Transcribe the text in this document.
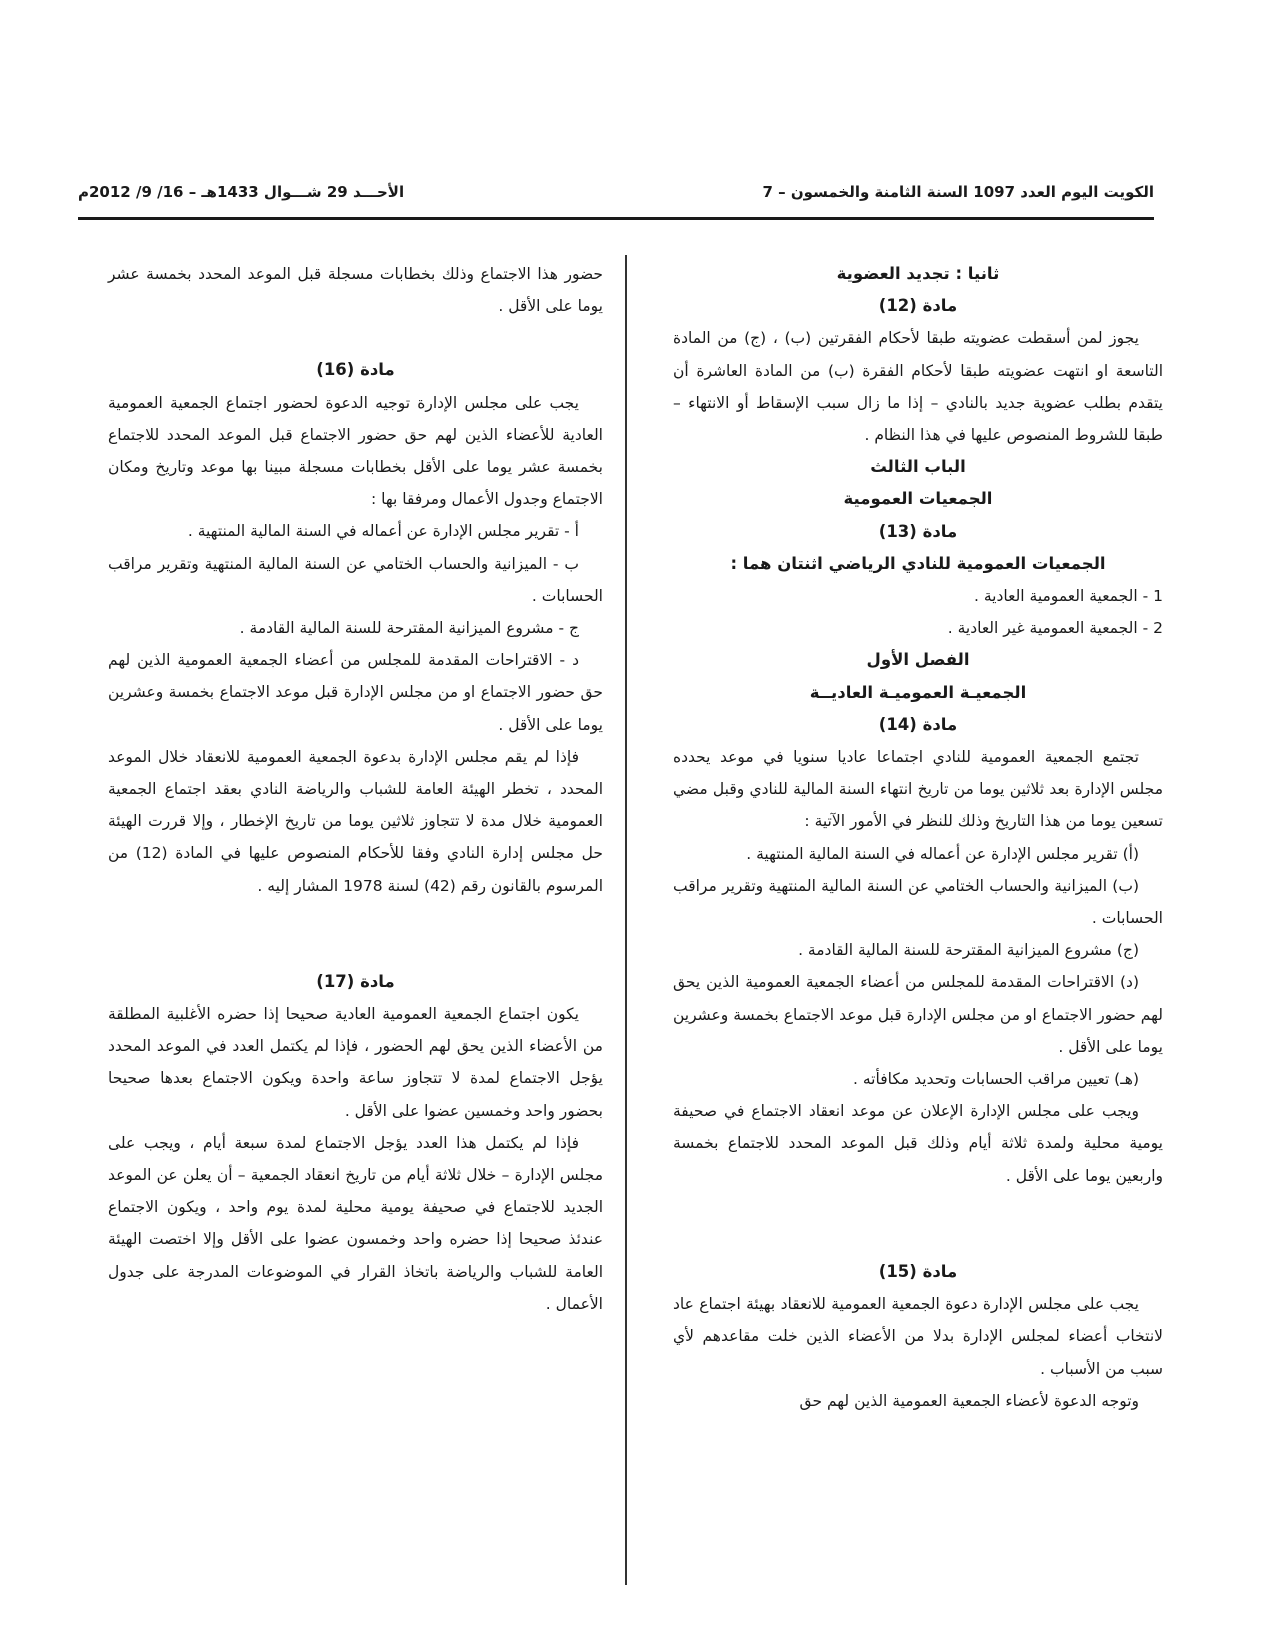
الكويت اليوم العدد 1097 السنة الثامنة والخمسون – 7
الأحـــد 29 شـــوال 1433هـ – 16/ 9/ 2012م

ثانيا : تجديد العضوية

مادة (12)

يجوز لمن أسقطت عضويته طبقا لأحكام الفقرتين (ب) ، (ج) من المادة التاسعة او انتهت عضويته طبقا لأحكام الفقرة (ب) من المادة العاشرة أن يتقدم بطلب عضوية جديد بالنادي – إذا ما زال سبب الإسقاط أو الانتهاء – طبقا للشروط المنصوص عليها في هذا النظام .

الباب الثالث

الجمعيات العمومية

مادة (13)

الجمعيات العمومية للنادي الرياضي اثنتان هما :

1 - الجمعية العمومية العادية .

2 - الجمعية العمومية غير العادية .

الفصل الأول

الجمعيـة العموميـة العاديــة

مادة (14)

تجتمع الجمعية العمومية للنادي اجتماعا عاديا سنويا في موعد يحدده مجلس الإدارة بعد ثلاثين يوما من تاريخ انتهاء السنة المالية للنادي وقبل مضي تسعين يوما من هذا التاريخ وذلك للنظر في الأمور الآتية :

(أ) تقرير مجلس الإدارة عن أعماله في السنة المالية المنتهية .

(ب) الميزانية والحساب الختامي عن السنة المالية المنتهية وتقرير مراقب الحسابات .

(ج) مشروع الميزانية المقترحة للسنة المالية القادمة .

(د) الاقتراحات المقدمة للمجلس من أعضاء الجمعية العمومية الذين يحق لهم حضور الاجتماع او من مجلس الإدارة قبل موعد الاجتماع بخمسة وعشرين يوما على الأقل .

(هـ) تعيين مراقب الحسابات وتحديد مكافأته .

ويجب على مجلس الإدارة الإعلان عن موعد انعقاد الاجتماع في صحيفة يومية محلية ولمدة ثلاثة أيام وذلك قبل الموعد المحدد للاجتماع بخمسة واربعين يوما على الأقل .

مادة (15)

يجب على مجلس الإدارة دعوة الجمعية العمومية للانعقاد بهيئة اجتماع عاد لانتخاب أعضاء لمجلس الإدارة بدلا من الأعضاء الذين خلت مقاعدهم لأي سبب من الأسباب .

وتوجه الدعوة لأعضاء الجمعية العمومية الذين لهم حق

حضور هذا الاجتماع وذلك بخطابات مسجلة قبل الموعد المحدد بخمسة عشر يوما على الأقل .

مادة (16)

يجب على مجلس الإدارة توجيه الدعوة لحضور اجتماع الجمعية العمومية العادية للأعضاء الذين لهم حق حضور الاجتماع قبل الموعد المحدد للاجتماع بخمسة عشر يوما على الأقل بخطابات مسجلة مبينا بها موعد وتاريخ ومكان الاجتماع وجدول الأعمال ومرفقا بها :

أ - تقرير مجلس الإدارة عن أعماله في السنة المالية المنتهية .

ب - الميزانية والحساب الختامي عن السنة المالية المنتهية وتقرير مراقب الحسابات .

ج - مشروع الميزانية المقترحة للسنة المالية القادمة .

د - الاقتراحات المقدمة للمجلس من أعضاء الجمعية العمومية الذين لهم حق حضور الاجتماع او من مجلس الإدارة قبل موعد الاجتماع بخمسة وعشرين يوما على الأقل .

فإذا لم يقم مجلس الإدارة بدعوة الجمعية العمومية للانعقاد خلال الموعد المحدد ، تخطر الهيئة العامة للشباب والرياضة النادي بعقد اجتماع الجمعية العمومية خلال مدة لا تتجاوز ثلاثين يوما من تاريخ الإخطار ، وإلا قررت الهيئة حل مجلس إدارة النادي وفقا للأحكام المنصوص عليها في المادة (12) من المرسوم بالقانون رقم (42) لسنة 1978 المشار إليه .

مادة (17)

يكون اجتماع الجمعية العمومية العادية صحيحا إذا حضره الأغلبية المطلقة من الأعضاء الذين يحق لهم الحضور ، فإذا لم يكتمل العدد في الموعد المحدد يؤجل الاجتماع لمدة لا تتجاوز ساعة واحدة ويكون الاجتماع بعدها صحيحا بحضور واحد وخمسين عضوا على الأقل .

فإذا لم يكتمل هذا العدد يؤجل الاجتماع لمدة سبعة أيام ، ويجب على مجلس الإدارة – خلال ثلاثة أيام من تاريخ انعقاد الجمعية – أن يعلن عن الموعد الجديد للاجتماع في صحيفة يومية محلية لمدة يوم واحد ، ويكون الاجتماع عندئذ صحيحا إذا حضره واحد وخمسون عضوا على الأقل وإلا اختصت الهيئة العامة للشباب والرياضة باتخاذ القرار في الموضوعات المدرجة على جدول الأعمال .
